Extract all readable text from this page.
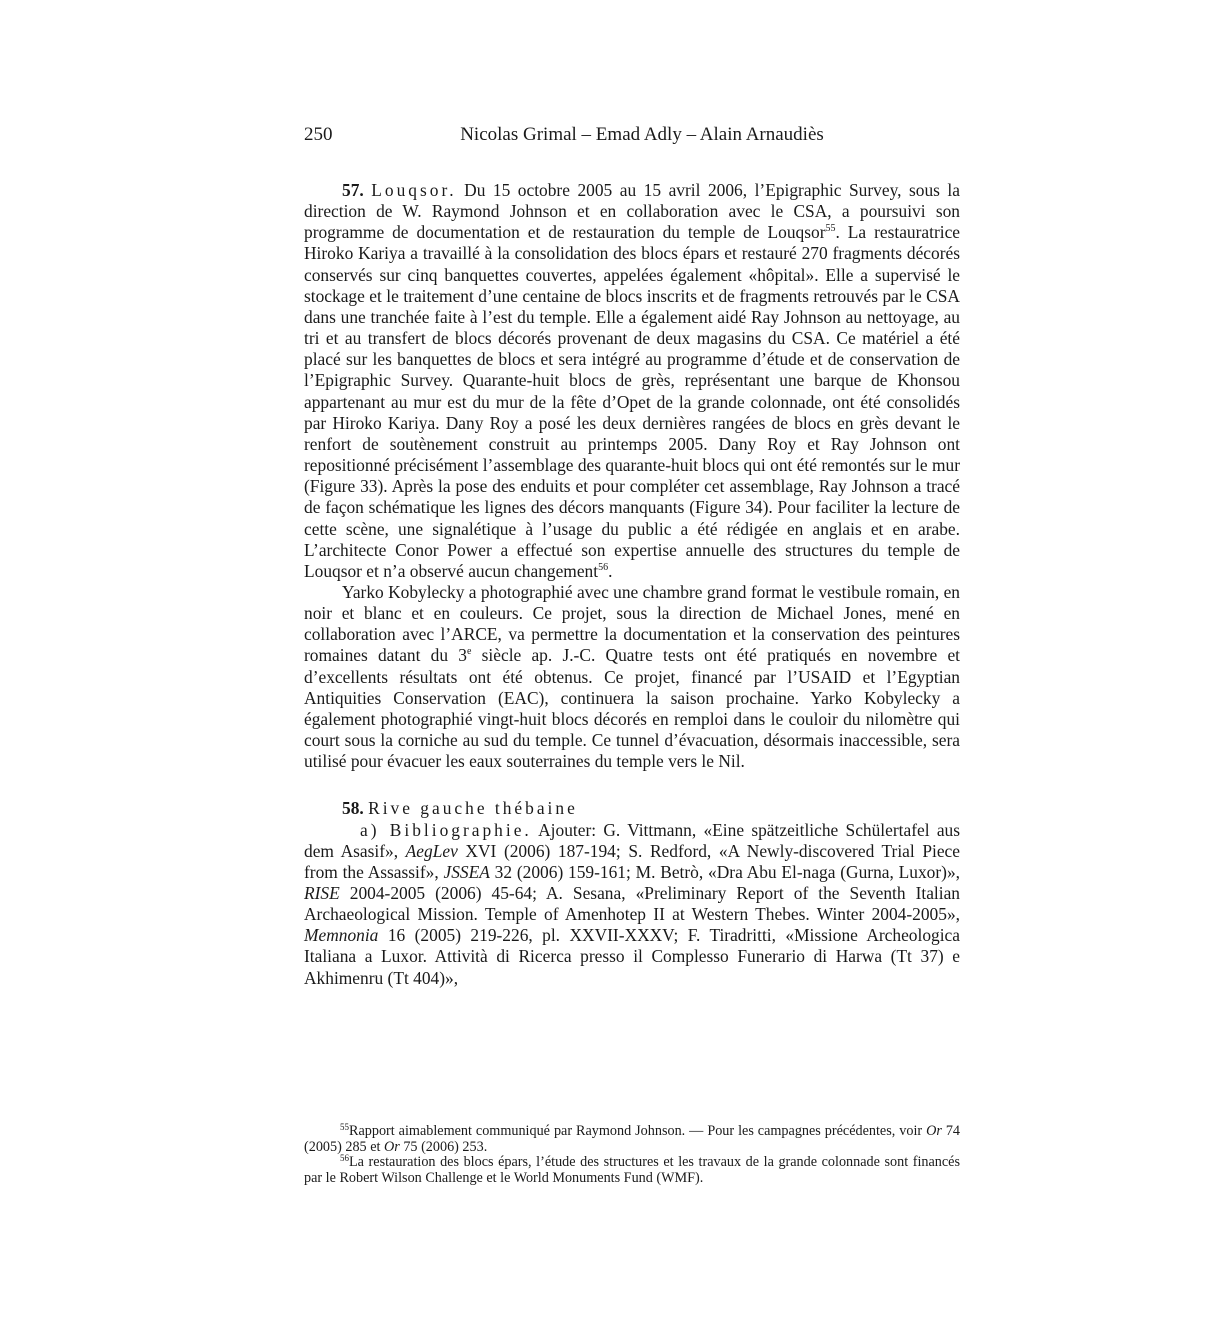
250	Nicolas Grimal – Emad Adly – Alain Arnaudiès

57. Louqsor. Du 15 octobre 2005 au 15 avril 2006, l’Epigraphic Survey, sous la direction de W. Raymond Johnson et en collaboration avec le CSA, a poursuivi son programme de documentation et de restauration du temple de Louqsor$^{55}$. La restauratrice Hiroko Kariya a travaillé à la consolidation des blocs épars et restauré 270 fragments décorés conservés sur cinq banquettes couvertes, appelées également «hôpital». Elle a supervisé le stockage et le traitement d’une centaine de blocs inscrits et de fragments retrouvés par le CSA dans une tranchée faite à l’est du temple. Elle a également aidé Ray Johnson au nettoyage, au tri et au transfert de blocs décorés provenant de deux magasins du CSA. Ce matériel a été placé sur les banquettes de blocs et sera intégré au programme d’étude et de conservation de l’Epigraphic Survey. Quarante-huit blocs de grès, représentant une barque de Khonsou appartenant au mur est du mur de la fête d’Opet de la grande colonnade, ont été consolidés par Hiroko Kariya. Dany Roy a posé les deux dernières rangées de blocs en grès devant le renfort de soutènement construit au printemps 2005. Dany Roy et Ray Johnson ont repositionné précisément l’assemblage des quarante-huit blocs qui ont été remontés sur le mur (Figure 33). Après la pose des enduits et pour compléter cet assemblage, Ray Johnson a tracé de façon schématique les lignes des décors manquants (Figure 34). Pour faciliter la lecture de cette scène, une signalétique à l’usage du public a été rédigée en anglais et en arabe. L’architecte Conor Power a effectué son expertise annuelle des structures du temple de Louqsor et n’a observé aucun changement$^{56}$.

Yarko Kobylecky a photographié avec une chambre grand format le vestibule romain, en noir et blanc et en couleurs. Ce projet, sous la direction de Michael Jones, mené en collaboration avec l’ARCE, va permettre la documentation et la conservation des peintures romaines datant du 3e siècle ap. J.-C. Quatre tests ont été pratiqués en novembre et d’excellents résultats ont été obtenus. Ce projet, financé par l’USAID et l’Egyptian Antiquities Conservation (EAC), continuera la saison prochaine. Yarko Kobylecky a également photographié vingt-huit blocs décorés en remploi dans le couloir du nilomètre qui court sous la corniche au sud du temple. Ce tunnel d’évacuation, désormais inaccessible, sera utilisé pour évacuer les eaux souterraines du temple vers le Nil.

58. Rive gauche thébaine

a) Bibliographie. Ajouter: G. Vittmann, «Eine spätzeitliche Schülertafel aus dem Asasif», AegLev XVI (2006) 187-194; S. Redford, «A Newly-discovered Trial Piece from the Assassif», JSSEA 32 (2006) 159-161; M. Betrò, «Dra Abu El-naga (Gurna, Luxor)», RISE 2004-2005 (2006) 45-64; A. Sesana, «Preliminary Report of the Seventh Italian Archaeological Mission. Temple of Amenhotep II at Western Thebes. Winter 2004-2005», Memnonia 16 (2005) 219-226, pl. XXVII-XXXV; F. Tiradritti, «Missione Archeologica Italiana a Luxor. Attività di Ricerca presso il Complesso Funerario di Harwa (Tt 37) e Akhimenru (Tt 404)»,

$^{55}$Rapport aimablement communiqué par Raymond Johnson. — Pour les campagnes précédentes, voir Or 74 (2005) 285 et Or 75 (2006) 253.

$^{56}$La restauration des blocs épars, l’étude des structures et les travaux de la grande colonnade sont financés par le Robert Wilson Challenge et le World Monuments Fund (WMF).
